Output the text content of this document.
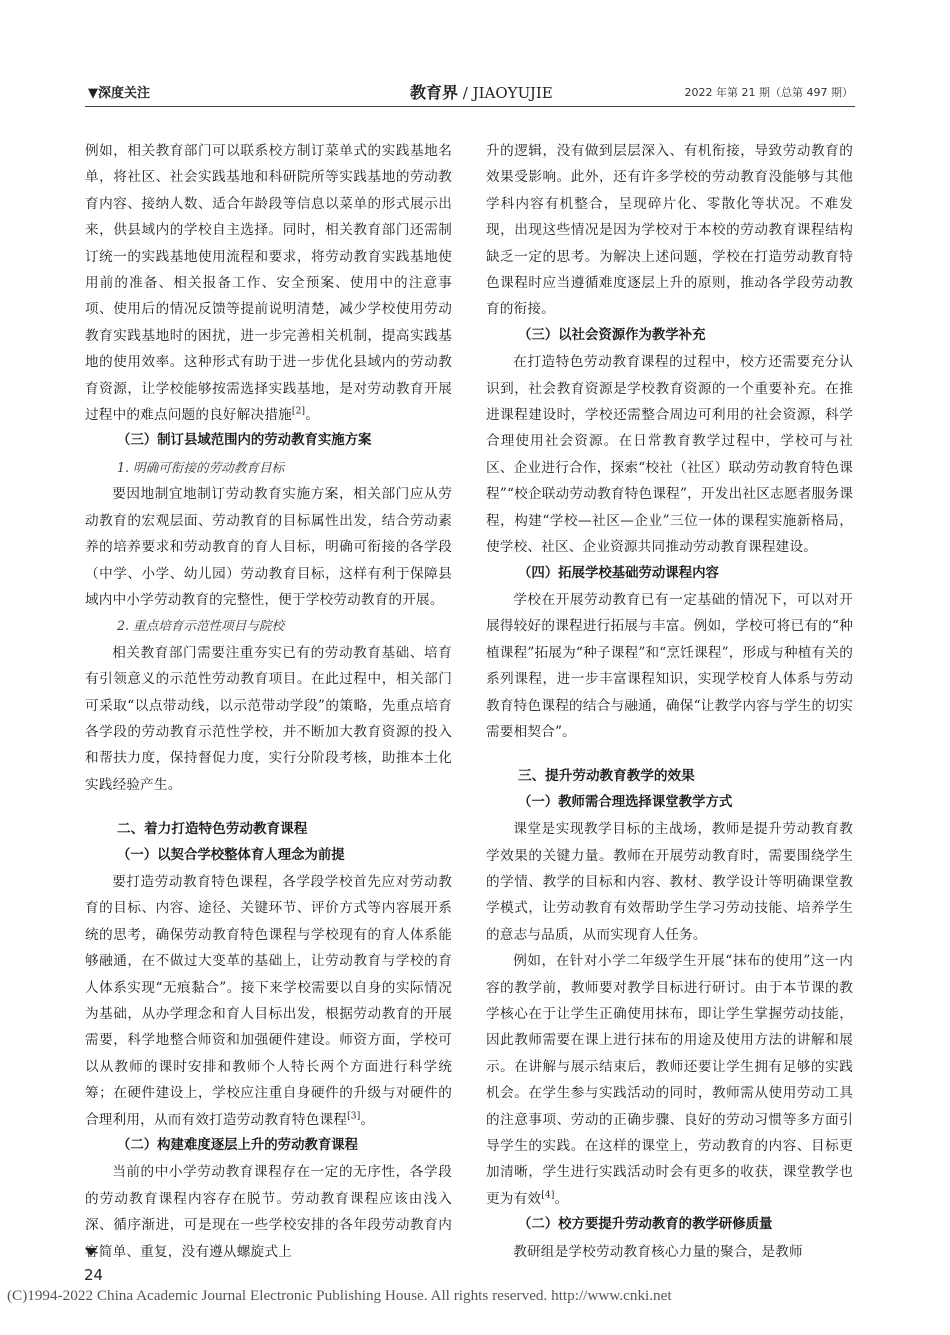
▼深度关注	教育界 / JIAOYUJIE	2022 年第 21 期（总第 497 期）

例如，相关教育部门可以联系校方制订菜单式的实践基地名单，将社区、社会实践基地和科研院所等实践基地的劳动教育内容、接纳人数、适合年龄段等信息以菜单的形式展示出来，供县域内的学校自主选择。同时，相关教育部门还需制订统一的实践基地使用流程和要求，将劳动教育实践基地使用前的准备、相关报备工作、安全预案、使用中的注意事项、使用后的情况反馈等提前说明清楚，减少学校使用劳动教育实践基地时的困扰，进一步完善相关机制，提高实践基地的使用效率。这种形式有助于进一步优化县域内的劳动教育资源，让学校能够按需选择实践基地，是对劳动教育开展过程中的难点问题的良好解决措施[2]。

（三）制订县域范围内的劳动教育实施方案

1. 明确可衔接的劳动教育目标

要因地制宜地制订劳动教育实施方案，相关部门应从劳动教育的宏观层面、劳动教育的目标属性出发，结合劳动素养的培养要求和劳动教育的育人目标，明确可衔接的各学段（中学、小学、幼儿园）劳动教育目标，这样有利于保障县域内中小学劳动教育的完整性，便于学校劳动教育的开展。

2. 重点培育示范性项目与院校

相关教育部门需要注重夯实已有的劳动教育基础、培育有引领意义的示范性劳动教育项目。在此过程中，相关部门可采取“以点带动线，以示范带动学段”的策略，先重点培育各学段的劳动教育示范性学校，并不断加大教育资源的投入和帮扶力度，保持督促力度，实行分阶段考核，助推本土化实践经验产生。

二、着力打造特色劳动教育课程

（一）以契合学校整体育人理念为前提

要打造劳动教育特色课程，各学段学校首先应对劳动教育的目标、内容、途径、关键环节、评价方式等内容展开系统的思考，确保劳动教育特色课程与学校现有的育人体系能够融通，在不做过大变革的基础上，让劳动教育与学校的育人体系实现“无痕黏合”。接下来学校需要以自身的实际情况为基础，从办学理念和育人目标出发，根据劳动教育的开展需要，科学地整合师资和加强硬件建设。师资方面，学校可以从教师的课时安排和教师个人特长两个方面进行科学统筹；在硬件建设上，学校应注重自身硬件的升级与对硬件的合理利用，从而有效打造劳动教育特色课程[3]。

（二）构建难度逐层上升的劳动教育课程

当前的中小学劳动教育课程存在一定的无序性，各学段的劳动教育课程内容存在脱节。劳动教育课程应该由浅入深、循序渐进，可是现在一些学校安排的各年段劳动教育内容简单、重复，没有遵从螺旋式上

升的逻辑，没有做到层层深入、有机衔接，导致劳动教育的效果受影响。此外，还有许多学校的劳动教育没能够与其他学科内容有机整合，呈现碎片化、零散化等状况。不难发现，出现这些情况是因为学校对于本校的劳动教育课程结构缺乏一定的思考。为解决上述问题，学校在打造劳动教育特色课程时应当遵循难度逐层上升的原则，推动各学段劳动教育的衔接。

（三）以社会资源作为教学补充

在打造特色劳动教育课程的过程中，校方还需要充分认识到，社会教育资源是学校教育资源的一个重要补充。在推进课程建设时，学校还需整合周边可利用的社会资源，科学合理使用社会资源。在日常教育教学过程中，学校可与社区、企业进行合作，探索“校社（社区）联动劳动教育特色课程”“校企联动劳动教育特色课程”，开发出社区志愿者服务课程，构建“学校—社区—企业”三位一体的课程实施新格局，使学校、社区、企业资源共同推动劳动教育课程建设。

（四）拓展学校基础劳动课程内容

学校在开展劳动教育已有一定基础的情况下，可以对开展得较好的课程进行拓展与丰富。例如，学校可将已有的“种植课程”拓展为“种子课程”和“烹饪课程”，形成与种植有关的系列课程，进一步丰富课程知识，实现学校育人体系与劳动教育特色课程的结合与融通，确保“让教学内容与学生的切实需要相契合”。

三、提升劳动教育教学的效果

（一）教师需合理选择课堂教学方式

课堂是实现教学目标的主战场，教师是提升劳动教育教学效果的关键力量。教师在开展劳动教育时，需要围绕学生的学情、教学的目标和内容、教材、教学设计等明确课堂教学模式，让劳动教育有效帮助学生学习劳动技能、培养学生的意志与品质，从而实现育人任务。

例如，在针对小学二年级学生开展“抹布的使用”这一内容的教学前，教师要对教学目标进行研讨。由于本节课的教学核心在于让学生正确使用抹布，即让学生掌握劳动技能，因此教师需要在课上进行抹布的用途及使用方法的讲解和展示。在讲解与展示结束后，教师还要让学生拥有足够的实践机会。在学生参与实践活动的同时，教师需从使用劳动工具的注意事项、劳动的正确步骤、良好的劳动习惯等多方面引导学生的实践。在这样的课堂上，劳动教育的内容、目标更加清晰，学生进行实践活动时会有更多的收获，课堂教学也更为有效[4]。

（二）校方要提升劳动教育的教学研修质量

教研组是学校劳动教育核心力量的聚合，是教师

24
(C)1994-2022 China Academic Journal Electronic Publishing House. All rights reserved. http://www.cnki.net
